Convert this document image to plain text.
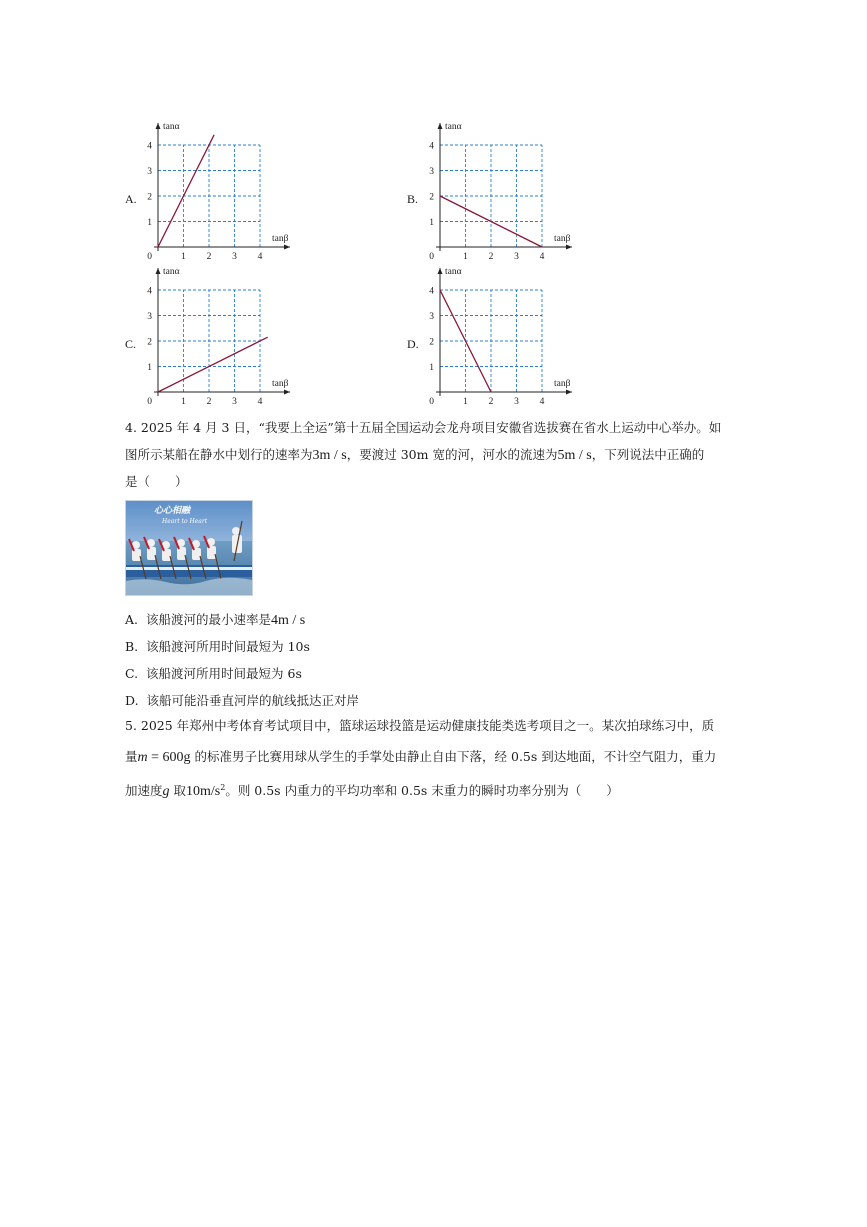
A.
1 2 3 4
1
2
3
4
0
tanα
tanβ
B.
1 2 3 4
1
2
3
4
0
tanα
tanβ
C.
1 2 3 4
1
2
3
4
0
tanα
tanβ
D.
1 2 3 4
1
2
3
4
0
tanα
tanβ
4. 2025 年 4 月 3 日，“我要上全运”第十五届全国运动会龙舟项目安徽省选拔赛在省水上运动中心举办。如
图所示某船在静水中划行的速率为3m / s，要渡过 30m 宽的河，河水的流速为5m / s，下列说法中正确的
是（　　）
心心相融
Heart to Heart
A. 该船渡河的最小速率是4m / s
B. 该船渡河所用时间最短为 10s
C. 该船渡河所用时间最短为 6s
D. 该船可能沿垂直河岸的航线抵达正对岸
5. 2025 年郑州中考体育考试项目中，篮球运球投篮是运动健康技能类选考项目之一。某次拍球练习中，质
量m = 600g 的标准男子比赛用球从学生的手掌处由静止自由下落，经 0.5s 到达地面，不计空气阻力，重力
加速度g 取$10m/s^2$。则 0.5s 内重力的平均功率和 0.5s 末重力的瞬时功率分别为（　　）
